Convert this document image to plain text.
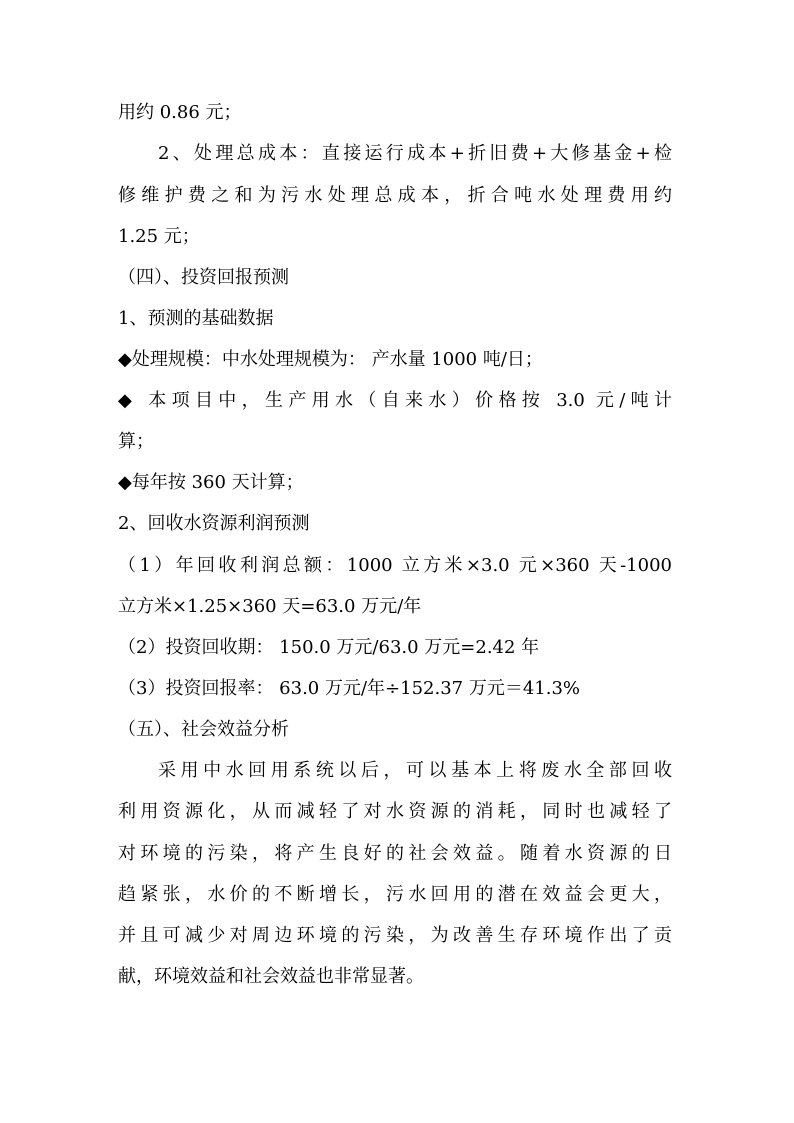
用约 0.86 元；

2、处理总成本：直接运行成本+折旧费+大修基金+检

修维护费之和为污水处理总成本，折合吨水处理费用约

1.25 元；

（四）、投资回报预测

1、预测的基础数据

◆处理规模：中水处理规模为： 产水量 1000 吨/日；

◆ 本项目中，生产用水（自来水）价格按 3.0 元/吨计

算；

◆每年按 360 天计算；

2、回收水资源利润预测

（1）年回收利润总额：1000 立方米×3.0 元×360 天-1000

立方米×1.25×360 天=63.0 万元/年

（2）投资回收期： 150.0 万元/63.0 万元=2.42 年

（3）投资回报率： 63.0 万元/年÷152.37 万元＝41.3%

（五）、社会效益分析

采用中水回用系统以后，可以基本上将废水全部回收

利用资源化，从而减轻了对水资源的消耗，同时也减轻了

对环境的污染，将产生良好的社会效益。随着水资源的日

趋紧张，水价的不断增长，污水回用的潜在效益会更大，

并且可减少对周边环境的污染，为改善生存环境作出了贡

献，环境效益和社会效益也非常显著。
